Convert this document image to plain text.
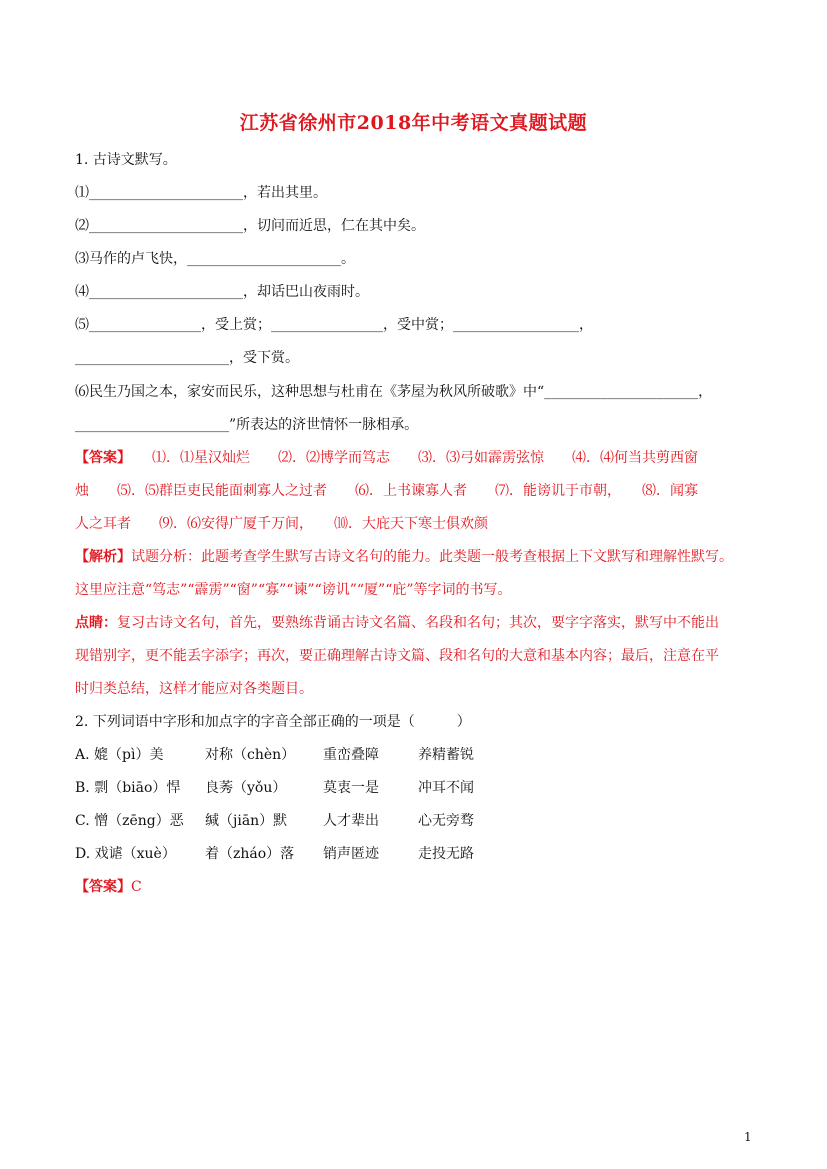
江苏省徐州市2018年中考语文真题试题
1. 古诗文默写。
⑴______________________，若出其里。
⑵______________________，切问而近思，仁在其中矣。
⑶马作的卢飞快，______________________。
⑷______________________，却话巴山夜雨时。
⑸________________，受上赏；________________，受中赏；__________________，
______________________，受下赏。
⑹民生乃国之本，家安而民乐，这种思想与杜甫在《茅屋为秋风所破歌》中“______________________，
______________________”所表达的济世情怀一脉相承。
【答案】　　⑴．⑴星汉灿烂　　⑵．⑵博学而笃志　　⑶．⑶弓如霹雳弦惊　　⑷．⑷何当共剪西窗
烛　　⑸．⑸群臣吏民能面刺寡人之过者　　⑹．上书谏寡人者　　⑺．能谤讥于市朝，　　⑻．闻寡
人之耳者　　⑼．⑹安得广厦千万间，　　⑽．大庇天下寒士俱欢颜
【解析】试题分析：此题考查学生默写古诗文名句的能力。此类题一般考查根据上下文默写和理解性默写。
这里应注意“笃志”“霹雳”“窗”“寡”“谏”“谤讥”“厦”“庇”等字词的书写。
点睛：复习古诗文名句，首先，要熟练背诵古诗文名篇、名段和名句；其次，要字字落实，默写中不能出
现错别字，更不能丢字添字；再次，要正确理解古诗文篇、段和名句的大意和基本内容；最后，注意在平
时归类总结，这样才能应对各类题目。
2. 下列词语中字形和加点字的字音全部正确的一项是（　　　）
A. 媲（pì）美	对称（chèn） 重峦叠障	养精蓄锐
B. 剽（biāo）悍 良莠（yǒu）	莫衷一是	冲耳不闻
C. 憎（zēng）恶 缄（jiān）默	人才辈出	心无旁骛
D. 戏谑（xuè） 着（zháo）落 销声匿迹	走投无路
【答案】C
1
